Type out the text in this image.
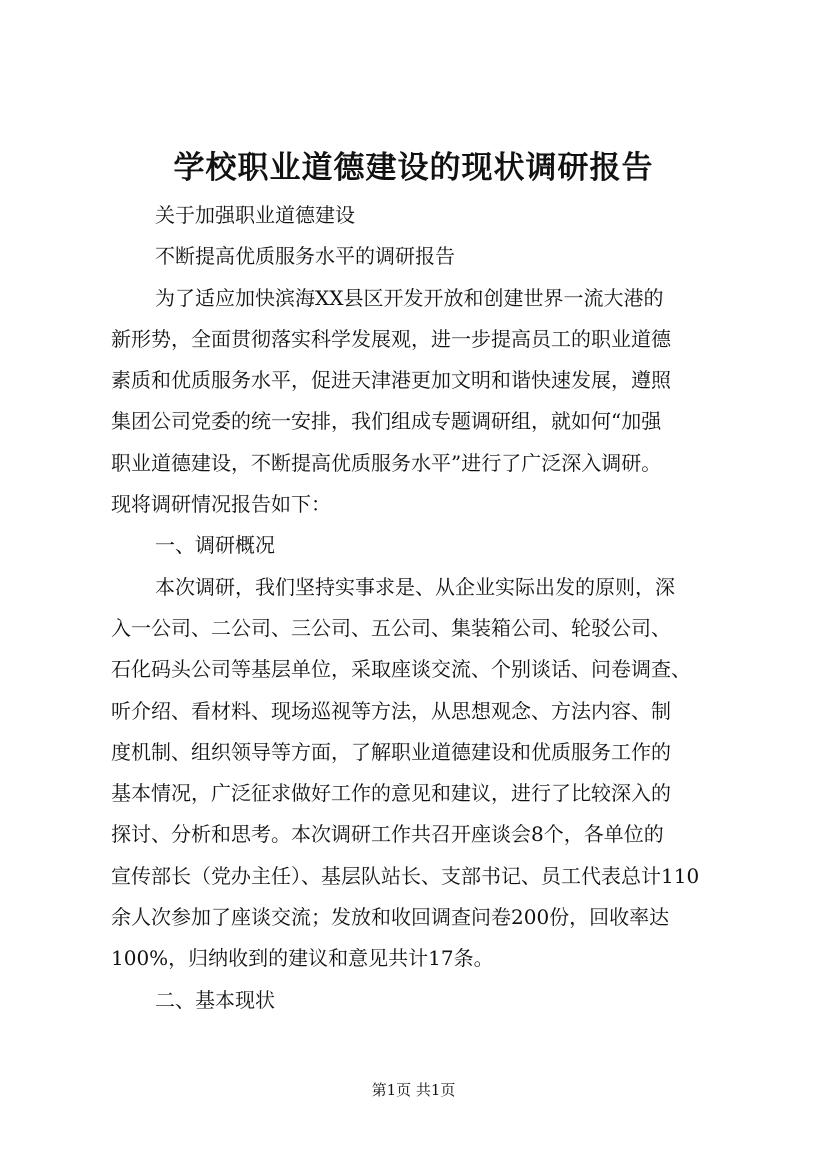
学校职业道德建设的现状调研报告
关于加强职业道德建设
不断提高优质服务水平的调研报告
为了适应加快滨海XX县区开发开放和创建世界一流大港的
新形势，全面贯彻落实科学发展观，进一步提高员工的职业道德
素质和优质服务水平，促进天津港更加文明和谐快速发展，遵照
集团公司党委的统一安排，我们组成专题调研组，就如何“加强
职业道德建设，不断提高优质服务水平”进行了广泛深入调研。
现将调研情况报告如下：
一、调研概况
本次调研，我们坚持实事求是、从企业实际出发的原则，深
入一公司、二公司、三公司、五公司、集装箱公司、轮驳公司、
石化码头公司等基层单位，采取座谈交流、个别谈话、问卷调查、
听介绍、看材料、现场巡视等方法，从思想观念、方法内容、制
度机制、组织领导等方面，了解职业道德建设和优质服务工作的
基本情况，广泛征求做好工作的意见和建议，进行了比较深入的
探讨、分析和思考。本次调研工作共召开座谈会8个，各单位的
宣传部长（党办主任）、基层队站长、支部书记、员工代表总计110
余人次参加了座谈交流；发放和收回调查问卷200份，回收率达
100%，归纳收到的建议和意见共计17条。
二、基本现状
第1页 共1页
